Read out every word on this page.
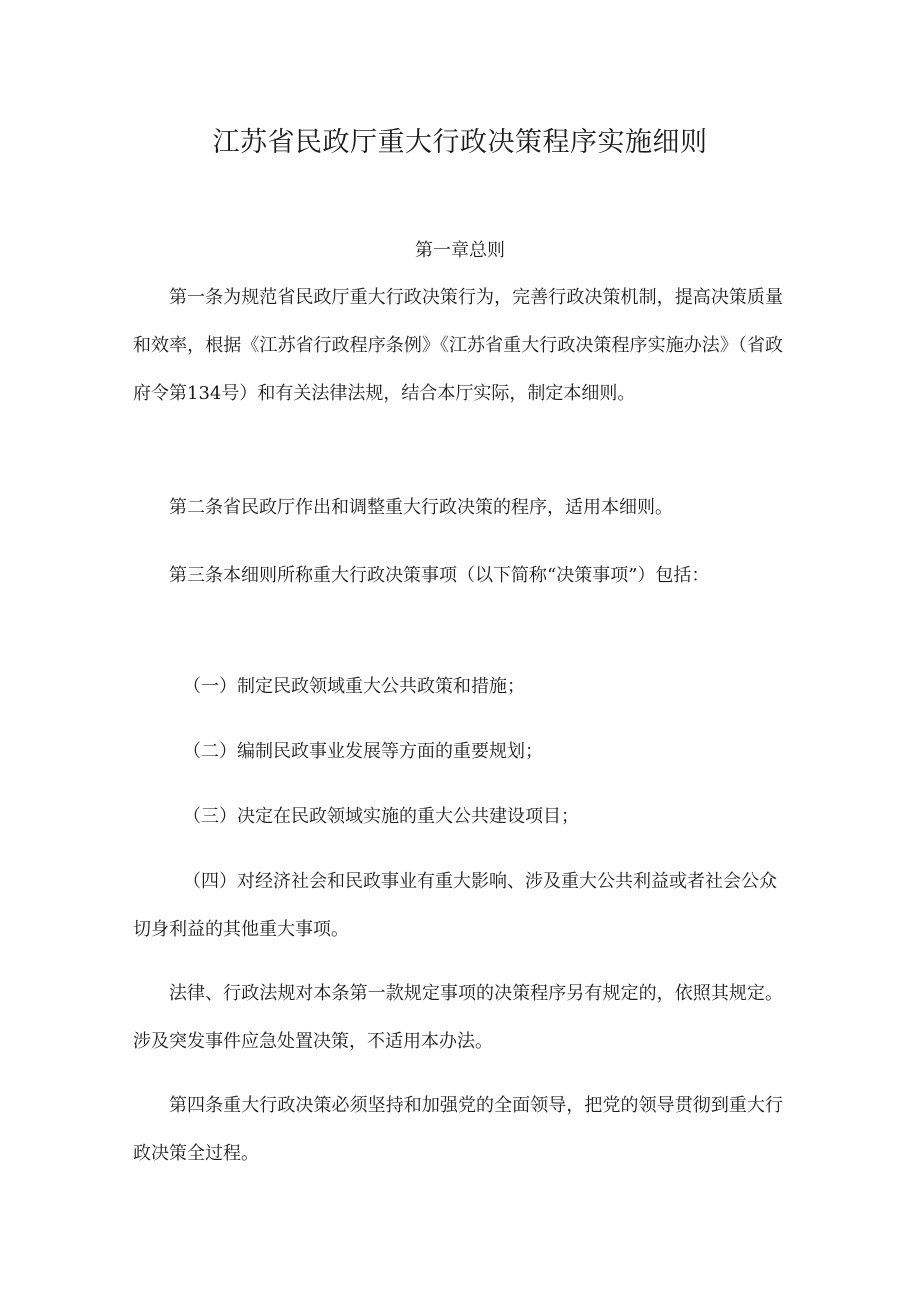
江苏省民政厅重大行政决策程序实施细则
第一章总则
第一条为规范省民政厅重大行政决策行为，完善行政决策机制，提高决策质量和效率，根据《江苏省行政程序条例》《江苏省重大行政决策程序实施办法》（省政府令第134号）和有关法律法规，结合本厅实际，制定本细则。
第二条省民政厅作出和调整重大行政决策的程序，适用本细则。
第三条本细则所称重大行政决策事项（以下简称“决策事项”）包括：
（一）制定民政领域重大公共政策和措施；
（二）编制民政事业发展等方面的重要规划；
（三）决定在民政领域实施的重大公共建设项目；
（四）对经济社会和民政事业有重大影响、涉及重大公共利益或者社会公众切身利益的其他重大事项。
法律、行政法规对本条第一款规定事项的决策程序另有规定的，依照其规定。涉及突发事件应急处置决策，不适用本办法。
第四条重大行政决策必须坚持和加强党的全面领导，把党的领导贯彻到重大行政决策全过程。
